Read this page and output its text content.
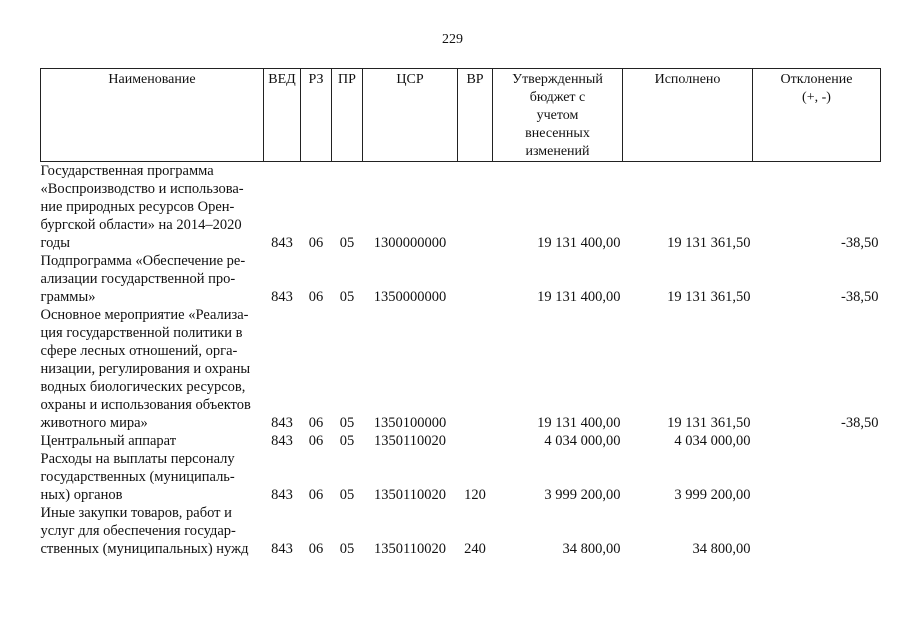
229
Наименование	ВЕД	РЗ	ПР	ЦСР	ВР	Утвержденный бюджет с учетом внесенных изменений	Исполнено	Отклонение (+, -)
Государственная программа «Воспроизводство и использова-ние природных ресурсов Орен-бургской области» на 2014–2020 годы	843	06	05	1300000000		19 131 400,00	19 131 361,50	-38,50
Подпрограмма «Обеспечение ре-ализации государственной про-граммы»	843	06	05	1350000000		19 131 400,00	19 131 361,50	-38,50
Основное мероприятие «Реализа-ция государственной политики в сфере лесных отношений, орга-низации, регулирования и охраны водных биологических ресурсов, охраны и использования объектов животного мира»	843	06	05	1350100000		19 131 400,00	19 131 361,50	-38,50
Центральный аппарат	843	06	05	1350110020		4 034 000,00	4 034 000,00	
Расходы на выплаты персоналу государственных (муниципаль-ных) органов	843	06	05	1350110020	120	3 999 200,00	3 999 200,00	
Иные закупки товаров, работ и услуг для обеспечения государ-ственных (муниципальных) нужд	843	06	05	1350110020	240	34 800,00	34 800,00	
